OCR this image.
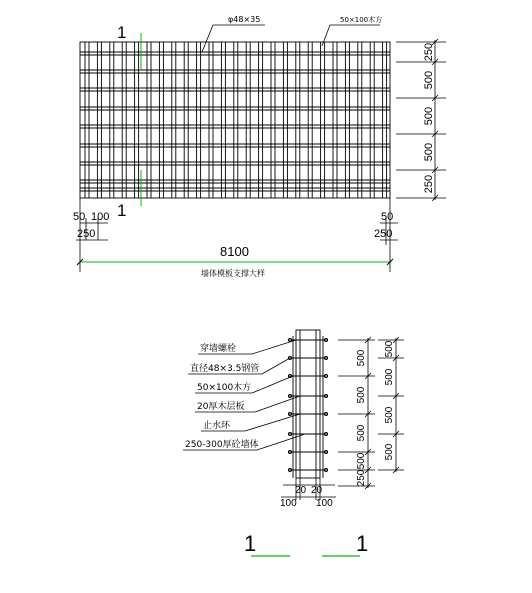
1
1
φ48×35	50×100木方
50 100
250
50
250
8100
墙体模板支撑大样
20 20
100 100
1	1
250
500
500
500
250
穿墙螺栓
直径48×3.5钢管
50×100木方
20厚木层板
止水环
250-300厚砼墙体
500
500
500
500
250
500
500
500
500
